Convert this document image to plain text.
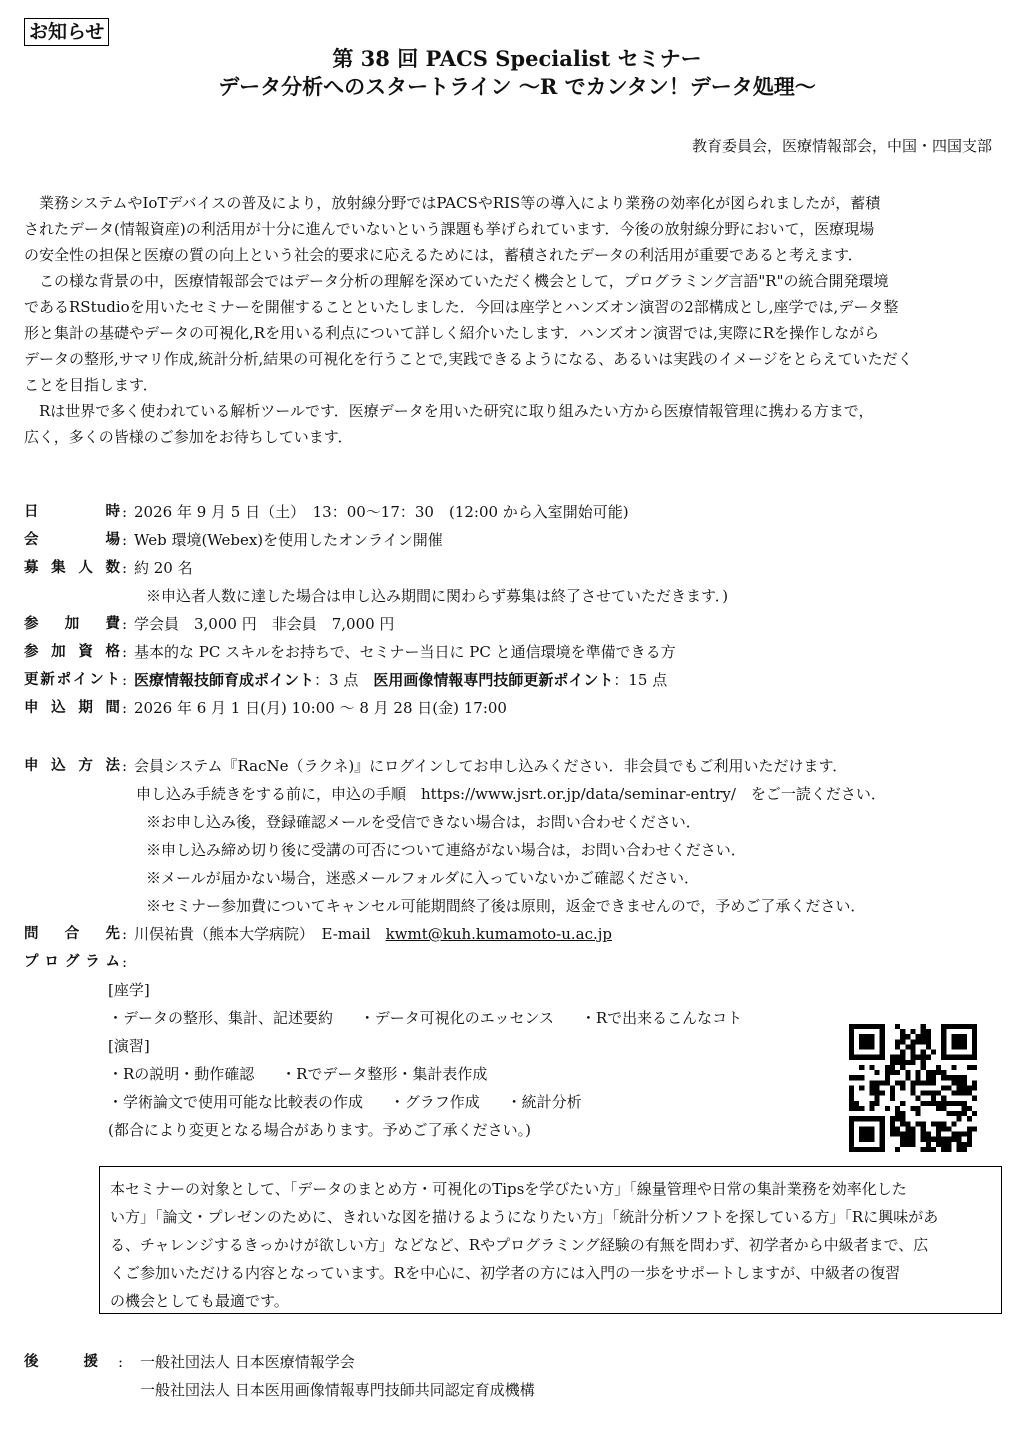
お知らせ
第 38 回 PACS Specialist セミナー
データ分析へのスタートライン ～R でカンタン！データ処理～
教育委員会，医療情報部会，中国・四国支部
　業務システムやIoTデバイスの普及により，放射線分野ではPACSやRIS等の導入により業務の効率化が図られましたが，蓄積
されたデータ(情報資産)の利活用が十分に進んでいないという課題も挙げられています．今後の放射線分野において，医療現場
の安全性の担保と医療の質の向上という社会的要求に応えるためには，蓄積されたデータの利活用が重要であると考えます．
　この様な背景の中，医療情報部会ではデータ分析の理解を深めていただく機会として，プログラミング言語"R"の統合開発環境
であるRStudioを用いたセミナーを開催することといたしました．今回は座学とハンズオン演習の2部構成とし,座学では,データ整
形と集計の基礎やデータの可視化,Rを用いる利点について詳しく紹介いたします．ハンズオン演習では,実際にRを操作しながら
データの整形,サマリ作成,統計分析,結果の可視化を行うことで,実践できるようになる、あるいは実践のイメージをとらえていただく
ことを目指します．
　Rは世界で多く使われている解析ツールです．医療データを用いた研究に取り組みたい方から医療情報管理に携わる方まで，
広く，多くの皆様のご参加をお待ちしています．
日時 : 2026 年 9 月 5 日（土）　13：00～17：30　(12:00 から入室開始可能)
会場 : Web 環境(Webex)を使用したオンライン開催
募集人数 : 約 20 名
※申込者人数に達した場合は申し込み期間に関わらず募集は終了させていただきます．)
参加費 : 学会員　3,000 円　非会員　7,000 円
参加資格 : 基本的な PC スキルをお持ちで、セミナー当日に PC と通信環境を準備できる方
更新ポイント : 医療情報技師育成ポイント：3 点　医用画像情報専門技師更新ポイント：15 点
申込期間 : 2026 年 6 月 1 日(月) 10:00 ～ 8 月 28 日(金) 17:00
申込方法 : 会員システム『RacNe（ラクネ)』にログインしてお申し込みください．非会員でもご利用いただけます．
申し込み手続きをする前に，申込の手順　https://www.jsrt.or.jp/data/seminar-entry/　をご一読ください．
※お申し込み後，登録確認メールを受信できない場合は，お問い合わせください．
※申し込み締め切り後に受講の可否について連絡がない場合は，お問い合わせください．
※メールが届かない場合，迷惑メールフォルダに入っていないかご確認ください．
※セミナー参加費についてキャンセル可能期間終了後は原則，返金できませんので，予めご了承ください．
問合先 : 川俣祐貴（熊本大学病院）　E-mail　kwmt@kuh.kumamoto-u.ac.jp
プログラム :
[座学]
・データの整形、集計、記述要約 ・データ可視化のエッセンス ・Rで出来るこんなコト
[演習]
・Rの説明・動作確認 ・Rでデータ整形・集計表作成
・学術論文で使用可能な比較表の作成 ・グラフ作成 ・統計分析
(都合により変更となる場合があります。予めご了承ください。)
本セミナーの対象として、「データのまとめ方・可視化のTipsを学びたい方」「線量管理や日常の集計業務を効率化した
い方」「論文・プレゼンのために、きれいな図を描けるようになりたい方」「統計分析ソフトを探している方」「Rに興味があ
る、チャレンジするきっかけが欲しい方」などなど、Rやプログラミング経験の有無を問わず、初学者から中級者まで、広
くご参加いただける内容となっています。Rを中心に、初学者の方には入門の一歩をサポートしますが、中級者の復習
の機会としても最適です。
後援 : 一般社団法人 日本医療情報学会
一般社団法人 日本医用画像情報専門技師共同認定育成機構
